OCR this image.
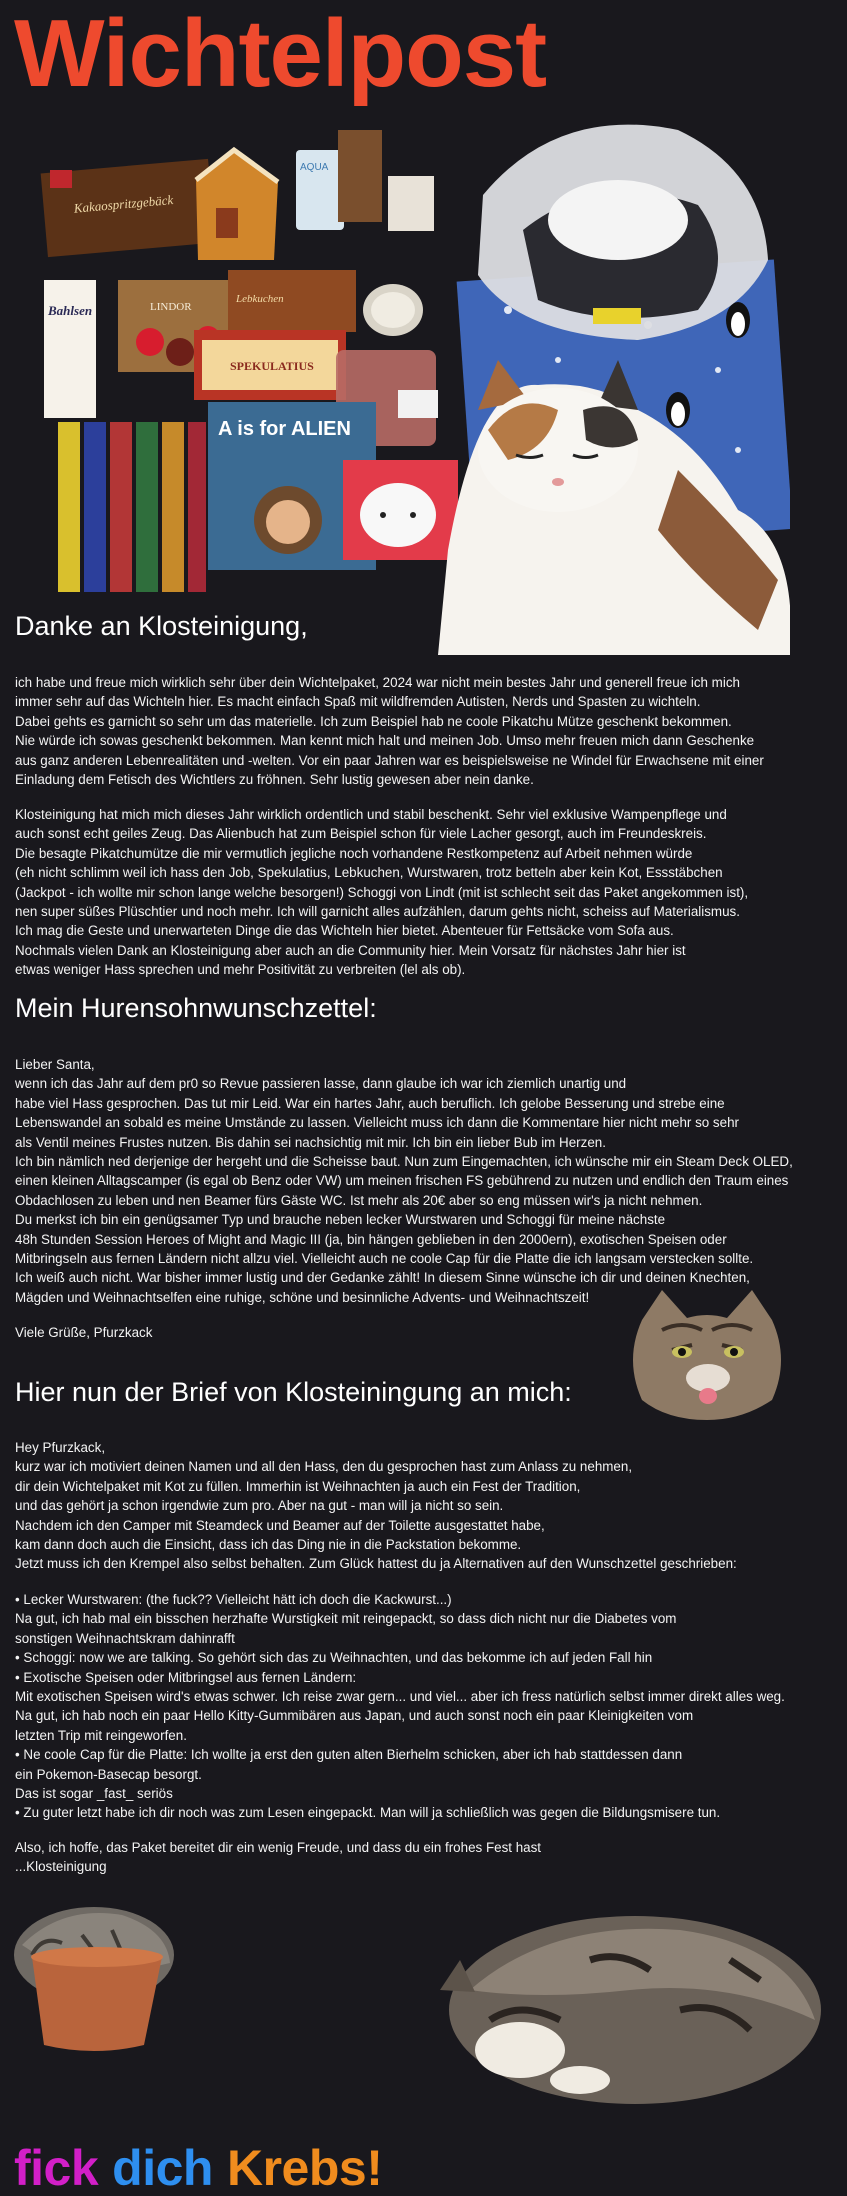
Wichtelpost
Kakaospritzgebäck
AQUA
Bahlsen	LINDOR
Lebkuchen
SPEKULATIUS
A is for ALIEN
Danke an Klosteinigung,

ich habe und freue mich wirklich sehr über dein Wichtelpaket, 2024 war nicht mein bestes Jahr und generell freue ich mich
immer sehr auf das Wichteln hier. Es macht einfach Spaß mit wildfremden Autisten, Nerds und Spasten zu wichteln.
Dabei gehts es garnicht so sehr um das materielle. Ich zum Beispiel hab ne coole Pikatchu Mütze geschenkt bekommen.
Nie würde ich sowas geschenkt bekommen. Man kennt mich halt und meinen Job. Umso mehr freuen mich dann Geschenke
aus ganz anderen Lebenrealitäten und -welten. Vor ein paar Jahren war es beispielsweise ne Windel für Erwachsene mit einer
Einladung dem Fetisch des Wichtlers zu fröhnen. Sehr lustig gewesen aber nein danke.

Klosteinigung hat mich mich dieses Jahr wirklich ordentlich und stabil beschenkt. Sehr viel exklusive Wampenpflege und
auch sonst echt geiles Zeug. Das Alienbuch hat zum Beispiel schon für viele Lacher gesorgt, auch im Freundeskreis.
Die besagte Pikatchumütze die mir vermutlich jegliche noch vorhandene Restkompetenz auf Arbeit nehmen würde
(eh nicht schlimm weil ich hass den Job, Spekulatius, Lebkuchen, Wurstwaren, trotz betteln aber kein Kot, Essstäbchen
(Jackpot - ich wollte mir schon lange welche besorgen!) Schoggi von Lindt (mit ist schlecht seit das Paket angekommen ist),
nen super süßes Plüschtier und noch mehr. Ich will garnicht alles aufzählen, darum gehts nicht, scheiss auf Materialismus.
Ich mag die Geste und unerwarteten Dinge die das Wichteln hier bietet. Abenteuer für Fettsäcke vom Sofa aus.
Nochmals vielen Dank an Klosteinigung aber auch an die Community hier. Mein Vorsatz für nächstes Jahr hier ist
etwas weniger Hass sprechen und mehr Positivität zu verbreiten (lel als ob).

Mein Hurensohnwunschzettel:

Lieber Santa,
wenn ich das Jahr auf dem pr0 so Revue passieren lasse, dann glaube ich war ich ziemlich unartig und
habe viel Hass gesprochen. Das tut mir Leid. War ein hartes Jahr, auch beruflich. Ich gelobe Besserung und strebe eine
Lebenswandel an sobald es meine Umstände zu lassen. Vielleicht muss ich dann die Kommentare hier nicht mehr so sehr
als Ventil meines Frustes nutzen. Bis dahin sei nachsichtig mit mir. Ich bin ein lieber Bub im Herzen.
Ich bin nämlich ned derjenige der hergeht und die Scheisse baut. Nun zum Eingemachten, ich wünsche mir ein Steam Deck OLED,
einen kleinen Alltagscamper (is egal ob Benz oder VW) um meinen frischen FS gebührend zu nutzen und endlich den Traum eines
Obdachlosen zu leben und nen Beamer fürs Gäste WC. Ist mehr als 20€ aber so eng müssen wir's ja nicht nehmen.
Du merkst ich bin ein genügsamer Typ und brauche neben lecker Wurstwaren und Schoggi für meine nächste
48h Stunden Session Heroes of Might and Magic III (ja, bin hängen geblieben in den 2000ern), exotischen Speisen oder
Mitbringseln aus fernen Ländern nicht allzu viel. Vielleicht auch ne coole Cap für die Platte die ich langsam verstecken sollte.
Ich weiß auch nicht. War bisher immer lustig und der Gedanke zählt! In diesem Sinne wünsche ich dir und deinen Knechten,
Mägden und Weihnachtselfen eine ruhige, schöne und besinnliche Advents- und Weihnachtszeit!

Viele Grüße, Pfurzkack

Hier nun der Brief von Klosteiningung an mich:

Hey Pfurzkack,
kurz war ich motiviert deinen Namen und all den Hass, den du gesprochen hast zum Anlass zu nehmen,
dir dein Wichtelpaket mit Kot zu füllen. Immerhin ist Weihnachten ja auch ein Fest der Tradition,
und das gehört ja schon irgendwie zum pro. Aber na gut - man will ja nicht so sein.
Nachdem ich den Camper mit Steamdeck und Beamer auf der Toilette ausgestattet habe,
kam dann doch auch die Einsicht, dass ich das Ding nie in die Packstation bekomme.
Jetzt muss ich den Krempel also selbst behalten. Zum Glück hattest du ja Alternativen auf den Wunschzettel geschrieben:

• Lecker Wurstwaren: (the fuck?? Vielleicht hätt ich doch die Kackwurst...)
Na gut, ich hab mal ein bisschen herzhafte Wurstigkeit mit reingepackt, so dass dich nicht nur die Diabetes vom
sonstigen Weihnachtskram dahinrafft
• Schoggi: now we are talking. So gehört sich das zu Weihnachten, und das bekomme ich auf jeden Fall hin
• Exotische Speisen oder Mitbringsel aus fernen Ländern:
Mit exotischen Speisen wird's etwas schwer. Ich reise zwar gern... und viel... aber ich fress natürlich selbst immer direkt alles weg.
Na gut, ich hab noch ein paar Hello Kitty-Gummibären aus Japan, und auch sonst noch ein paar Kleinigkeiten vom
letzten Trip mit reingeworfen.
• Ne coole Cap für die Platte: Ich wollte ja erst den guten alten Bierhelm schicken, aber ich hab stattdessen dann
ein Pokemon-Basecap besorgt.
Das ist sogar _fast_ seriös
• Zu guter letzt habe ich dir noch was zum Lesen eingepackt. Man will ja schließlich was gegen die Bildungsmisere tun.

Also, ich hoffe, das Paket bereitet dir ein wenig Freude, und dass du ein frohes Fest hast
...Klosteinigung

fick dich Krebs!
